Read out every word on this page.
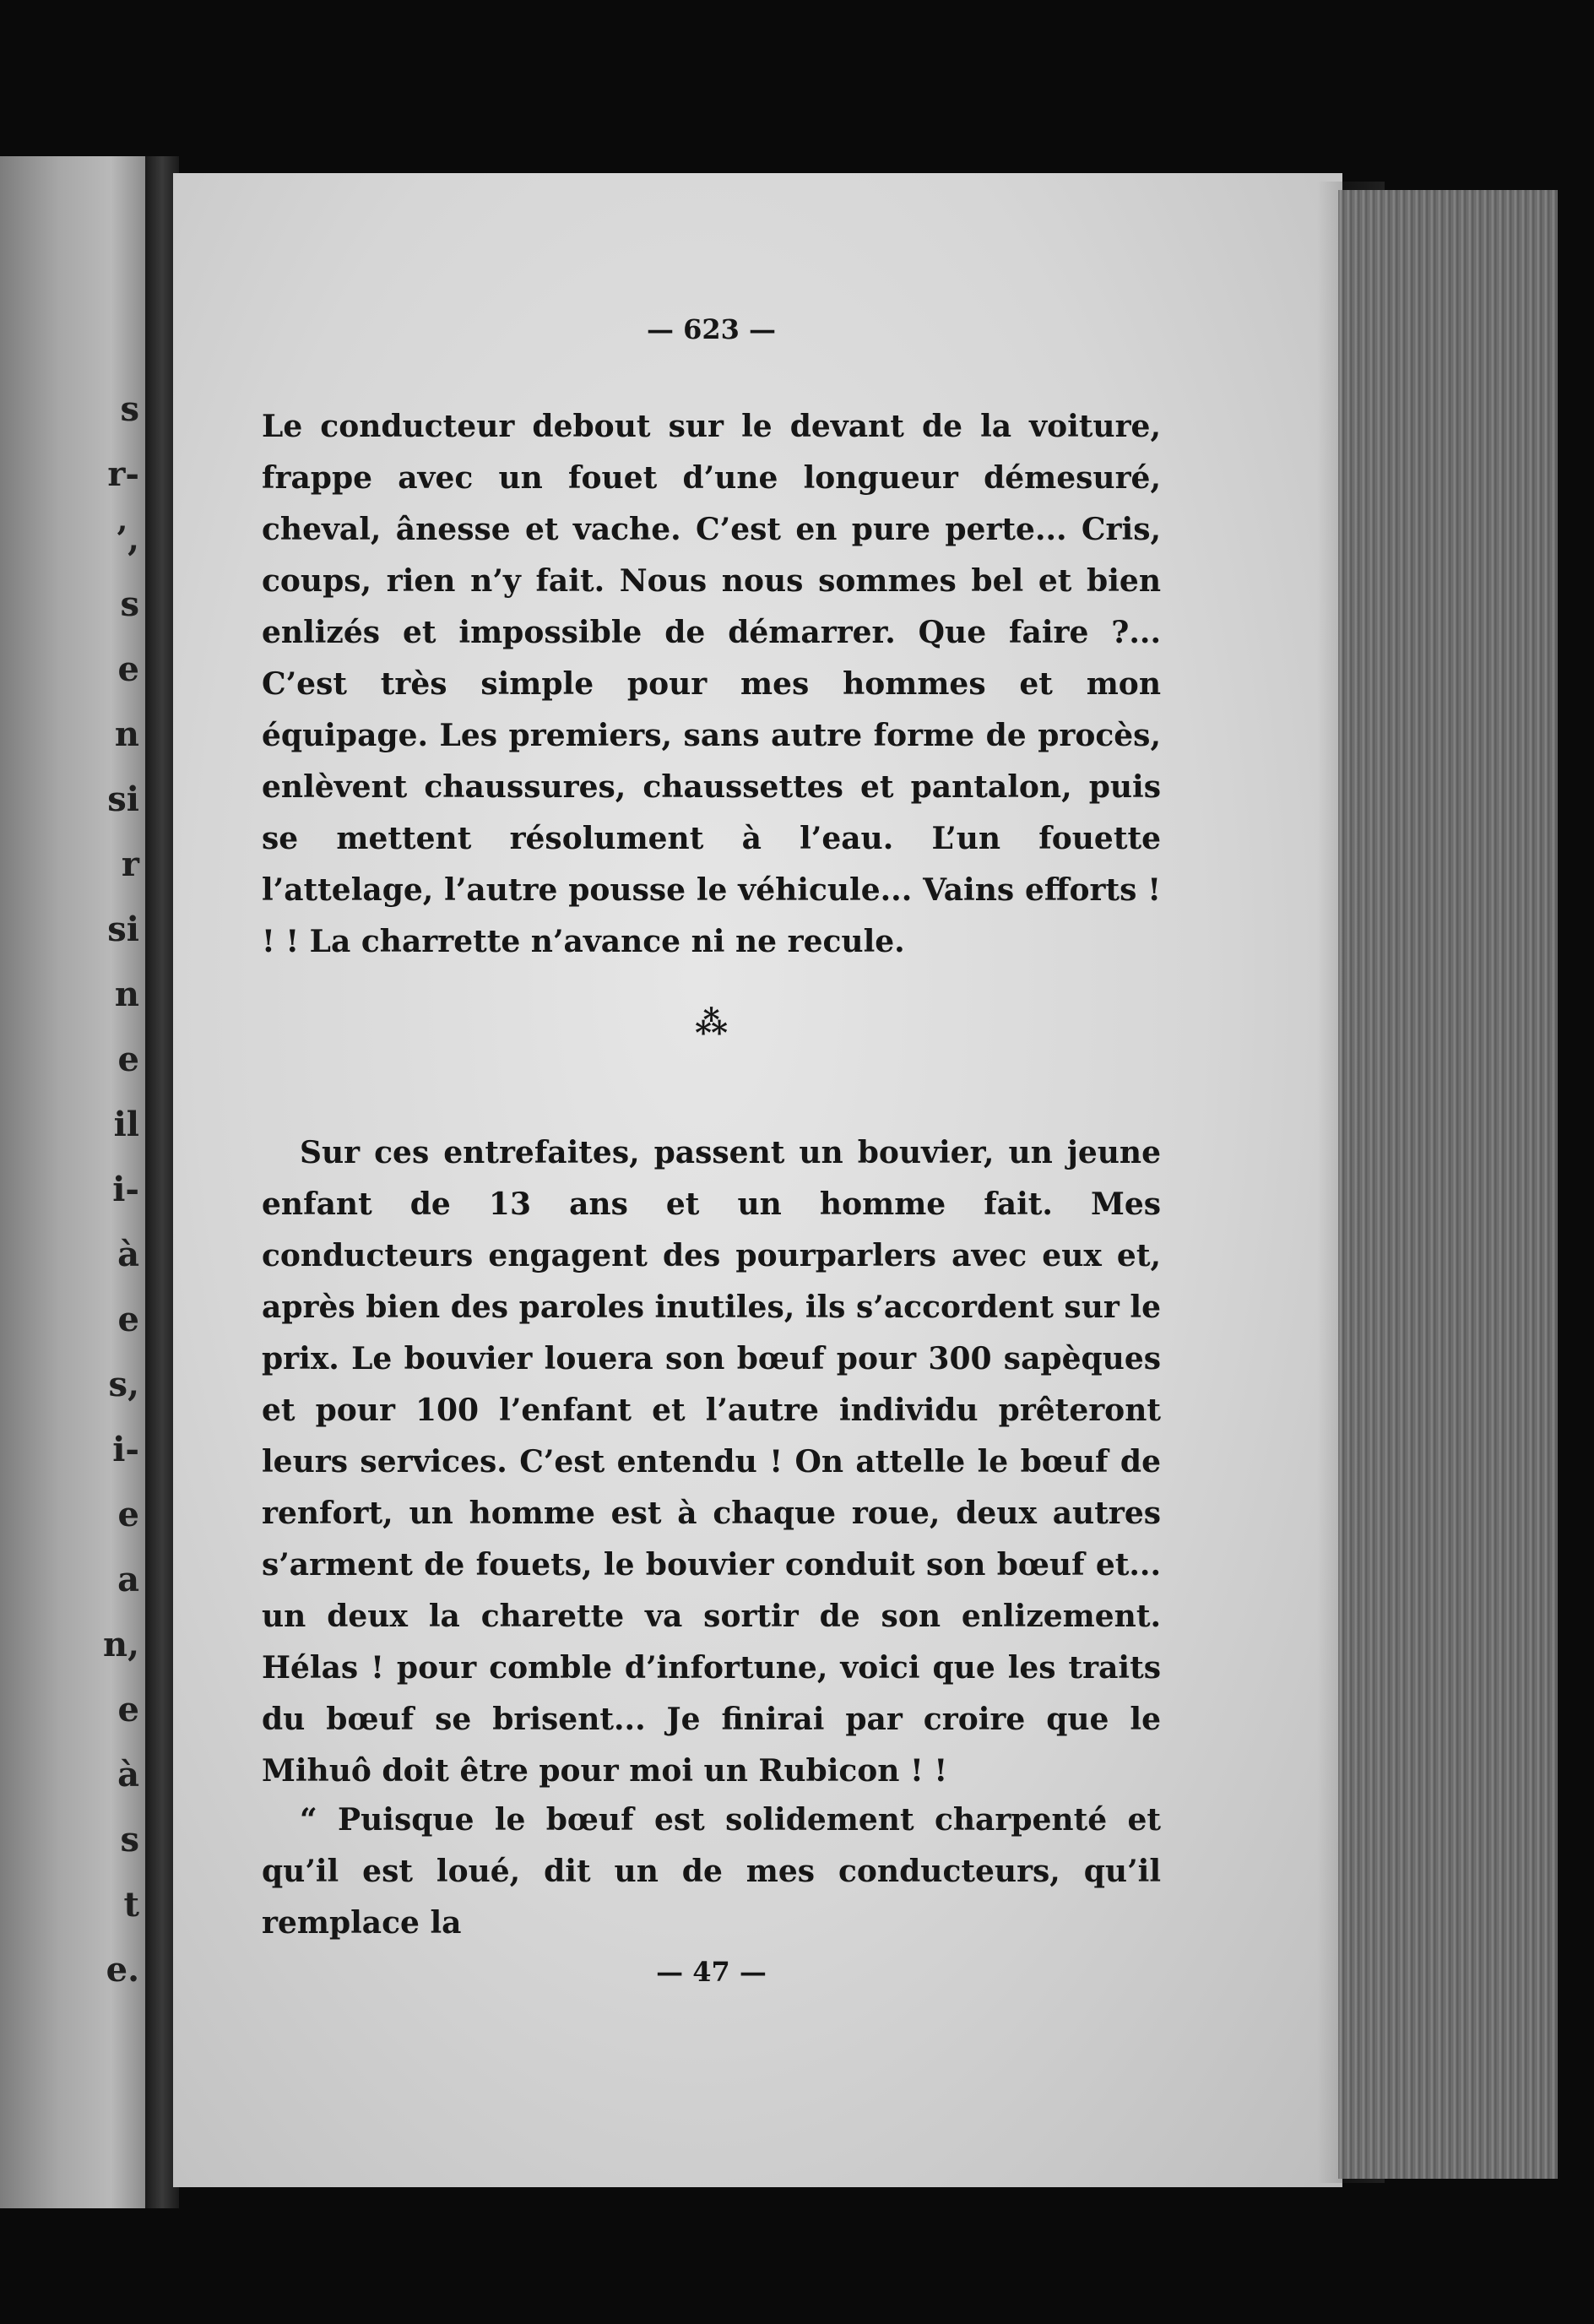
s
r-
’,
s
e
n
si
r
si
n
e
il
i-
à
e
s,
i-
e
a
n,
e
à
s
t
e.
— 623 —

Le conducteur debout sur le devant de la voiture, frappe avec un fouet d’une longueur démesuré, cheval, ânesse et vache. C’est en pure perte... Cris, coups, rien n’y fait. Nous nous sommes bel et bien enlizés et impossible de démarrer. Que faire ?... C’est très simple pour mes hommes et mon équipage. Les premiers, sans autre forme de procès, enlèvent chaussures, chaussettes et pantalon, puis se mettent résolument à l’eau. L’un fouette l’attelage, l’autre pousse le véhicule... Vains efforts ! ! ! La charrette n’avance ni ne recule.

⁂

Sur ces entrefaites, passent un bouvier, un jeune enfant de 13 ans et un homme fait. Mes conducteurs engagent des pourparlers avec eux et, après bien des paroles inutiles, ils s’accordent sur le prix. Le bouvier louera son bœuf pour 300 sapèques et pour 100 l’enfant et l’autre individu prêteront leurs services. C’est entendu ! On attelle le bœuf de renfort, un homme est à chaque roue, deux autres s’arment de fouets, le bouvier conduit son bœuf et... un deux la charette va sortir de son enlizement. Hélas ! pour comble d’infortune, voici que les traits du bœuf se brisent... Je finirai par croire que le Mihuô doit être pour moi un Rubicon ! !

“ Puisque le bœuf est solidement charpenté et qu’il est loué, dit un de mes conducteurs, qu’il remplace la

— 47 —
